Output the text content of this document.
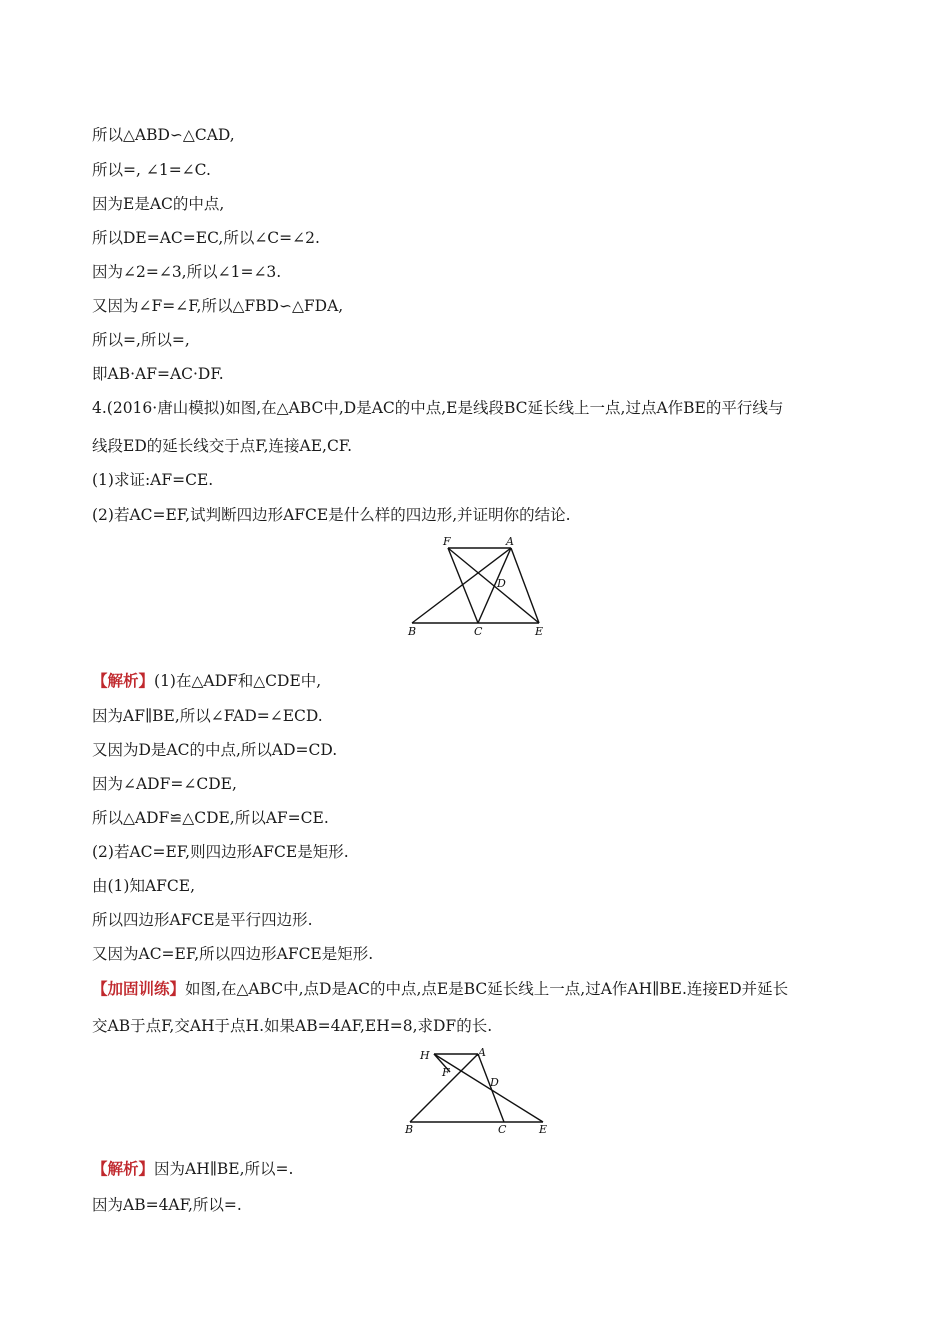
所以△ABD∽△CAD,
所以=, ∠1=∠C.
因为E是AC的中点,
所以DE=AC=EC,所以∠C=∠2.
因为∠2=∠3,所以∠1=∠3.
又因为∠F=∠F,所以△FBD∽△FDA,
所以=,所以=,
即AB·AF=AC·DF.
4.(2016·唐山模拟)如图,在△ABC中,D是AC的中点,E是线段BC延长线上一点,过点A作BE的平行线与
线段ED的延长线交于点F,连接AE,CF.
(1)求证:AF=CE.
(2)若AC=EF,试判断四边形AFCE是什么样的四边形,并证明你的结论.
F	A
D
B	C	E
【解析】(1)在△ADF和△CDE中,
因为AF∥BE,所以∠FAD=∠ECD.
又因为D是AC的中点,所以AD=CD.
因为∠ADF=∠CDE,
所以△ADF≌△CDE,所以AF=CE.
(2)若AC=EF,则四边形AFCE是矩形.
由(1)知AFCE,
所以四边形AFCE是平行四边形.
又因为AC=EF,所以四边形AFCE是矩形.
【加固训练】如图,在△ABC中,点D是AC的中点,点E是BC延长线上一点,过A作AH∥BE.连接ED并延长
交AB于点F,交AH于点H.如果AB=4AF,EH=8,求DF的长.
H	A
F
D
B	C	E
【解析】因为AH∥BE,所以=.
因为AB=4AF,所以=.
